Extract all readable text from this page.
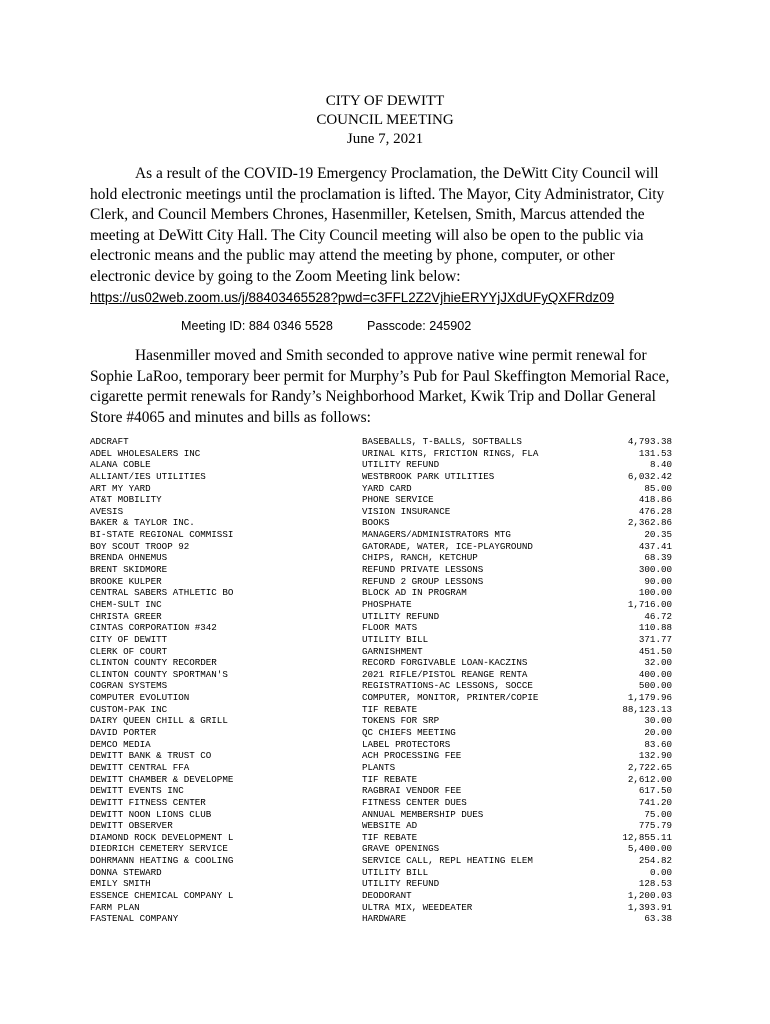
CITY OF DEWITT
COUNCIL MEETING
June 7, 2021

As a result of the COVID-19 Emergency Proclamation, the DeWitt City Council will hold electronic meetings until the proclamation is lifted. The Mayor, City Administrator, City Clerk, and Council Members Chrones, Hasenmiller, Ketelsen, Smith, Marcus attended the meeting at DeWitt City Hall. The City Council meeting will also be open to the public via electronic means and the public may attend the meeting by phone, computer, or other electronic device by going to the Zoom Meeting link below:

https://us02web.zoom.us/j/88403465528?pwd=c3FFL2Z2VjhieERYYjJXdUFyQXFRdz09
Meeting ID: 884 0346 5528	Passcode: 245902

Hasenmiller moved and Smith seconded to approve native wine permit renewal for Sophie LaRoo, temporary beer permit for Murphy’s Pub for Paul Skeffington Memorial Race, cigarette permit renewals for Randy’s Neighborhood Market, Kwik Trip and Dollar General Store #4065 and minutes and bills as follows:

ADCRAFT	BASEBALLS, T-BALLS, SOFTBALLS	4,793.38
ADEL WHOLESALERS INC	URINAL KITS, FRICTION RINGS, FLA	131.53
ALANA COBLE	UTILITY REFUND	8.40
ALLIANT/IES UTILITIES	WESTBROOK PARK UTILITIES	6,032.42
ART MY YARD	YARD CARD	85.00
AT&T MOBILITY	PHONE SERVICE	418.86
AVESIS	VISION INSURANCE	476.28
BAKER & TAYLOR INC.	BOOKS	2,362.86
BI-STATE REGIONAL COMMISSI	MANAGERS/ADMINISTRATORS MTG	20.35
BOY SCOUT TROOP 92	GATORADE, WATER, ICE-PLAYGROUND	437.41
BRENDA OHNEMUS	CHIPS, RANCH, KETCHUP	68.39
BRENT SKIDMORE	REFUND PRIVATE LESSONS	300.00
BROOKE KULPER	REFUND 2 GROUP LESSONS	90.00
CENTRAL SABERS ATHLETIC BO	BLOCK AD IN PROGRAM	100.00
CHEM-SULT INC	PHOSPHATE	1,716.00
CHRISTA GREER	UTILITY REFUND	46.72
CINTAS CORPORATION #342	FLOOR MATS	110.88
CITY OF DEWITT	UTILITY BILL	371.77
CLERK OF COURT	GARNISHMENT	451.50
CLINTON COUNTY RECORDER	RECORD FORGIVABLE LOAN-KACZINS	32.00
CLINTON COUNTY SPORTMAN'S	2021 RIFLE/PISTOL REANGE RENTA	400.00
COGRAN SYSTEMS	REGISTRATIONS-AC LESSONS, SOCCE	500.00
COMPUTER EVOLUTION	COMPUTER, MONITOR, PRINTER/COPIE	1,179.96
CUSTOM-PAK INC	TIF REBATE	88,123.13
DAIRY QUEEN CHILL & GRILL	TOKENS FOR SRP	30.00
DAVID PORTER	QC CHIEFS MEETING	20.00
DEMCO MEDIA	LABEL PROTECTORS	83.60
DEWITT BANK & TRUST CO	ACH PROCESSING FEE	132.90
DEWITT CENTRAL FFA	PLANTS	2,722.65
DEWITT CHAMBER & DEVELOPME	TIF REBATE	2,612.00
DEWITT EVENTS INC	RAGBRAI VENDOR FEE	617.50
DEWITT FITNESS CENTER	FITNESS CENTER DUES	741.20
DEWITT NOON LIONS CLUB	ANNUAL MEMBERSHIP DUES	75.00
DEWITT OBSERVER	WEBSITE AD	775.79
DIAMOND ROCK DEVELOPMENT L	TIF REBATE	12,855.11
DIEDRICH CEMETERY SERVICE	GRAVE OPENINGS	5,400.00
DOHRMANN HEATING & COOLING	SERVICE CALL, REPL HEATING ELEM	254.82
DONNA STEWARD	UTILITY BILL	0.00
EMILY SMITH	UTILITY REFUND	128.53
ESSENCE CHEMICAL COMPANY L	DEODORANT	1,200.03
FARM PLAN	ULTRA MIX, WEEDEATER	1,393.91
FASTENAL COMPANY	HARDWARE	63.38
